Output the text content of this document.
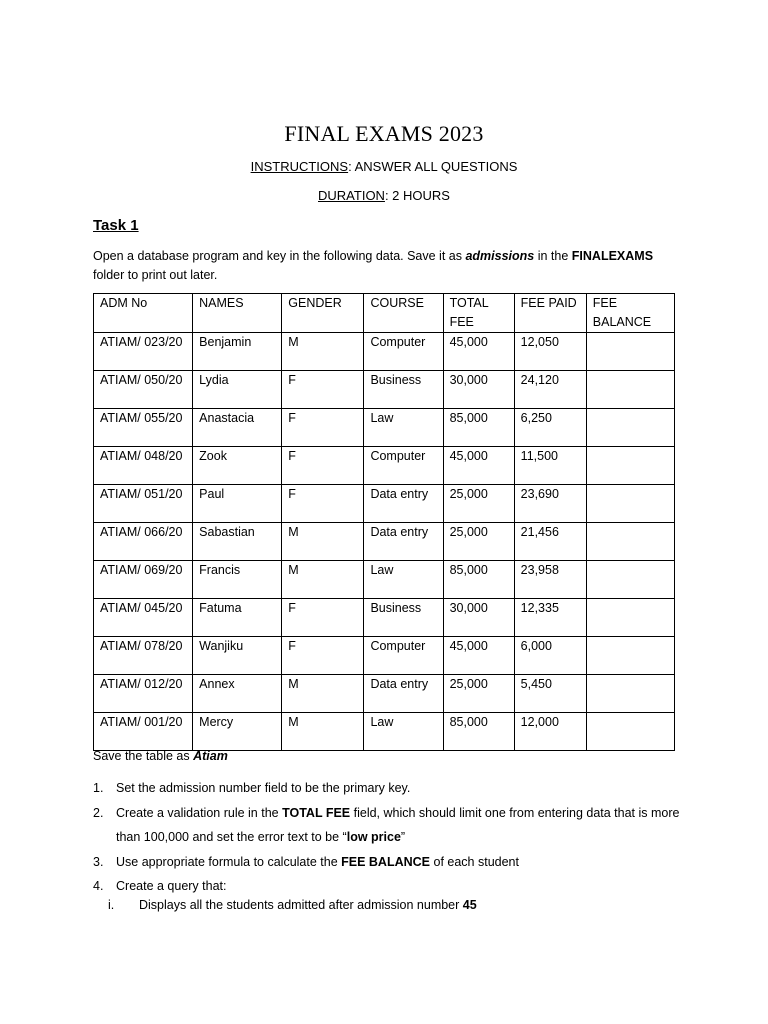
FINAL EXAMS 2023
INSTRUCTIONS: ANSWER ALL QUESTIONS
DURATION: 2 HOURS
Task 1
Open a database program and key in the following data. Save it as admissions in the FINALEXAMS folder to print out later.
ADM No	NAMES	GENDER	COURSE	TOTAL FEE	FEE PAID	FEE BALANCE
ATIAM/ 023/20	Benjamin	M	Computer	45,000	12,050	
ATIAM/ 050/20	Lydia	F	Business	30,000	24,120	
ATIAM/ 055/20	Anastacia	F	Law	85,000	6,250	
ATIAM/ 048/20	Zook	F	Computer	45,000	11,500	
ATIAM/ 051/20	Paul	F	Data entry	25,000	23,690	
ATIAM/ 066/20	Sabastian	M	Data entry	25,000	21,456	
ATIAM/ 069/20	Francis	M	Law	85,000	23,958	
ATIAM/ 045/20	Fatuma	F	Business	30,000	12,335	
ATIAM/ 078/20	Wanjiku	F	Computer	45,000	6,000	
ATIAM/ 012/20	Annex	M	Data entry	25,000	5,450	
ATIAM/ 001/20	Mercy	M	Law	85,000	12,000	
Save the table as Atiam
1. Set the admission number field to be the primary key.
2. Create a validation rule in the TOTAL FEE field, which should limit one from entering data that is more than 100,000 and set the error text to be “low price”
3. Use appropriate formula to calculate the FEE BALANCE of each student
4. Create a query that:
i. Displays all the students admitted after admission number 45
